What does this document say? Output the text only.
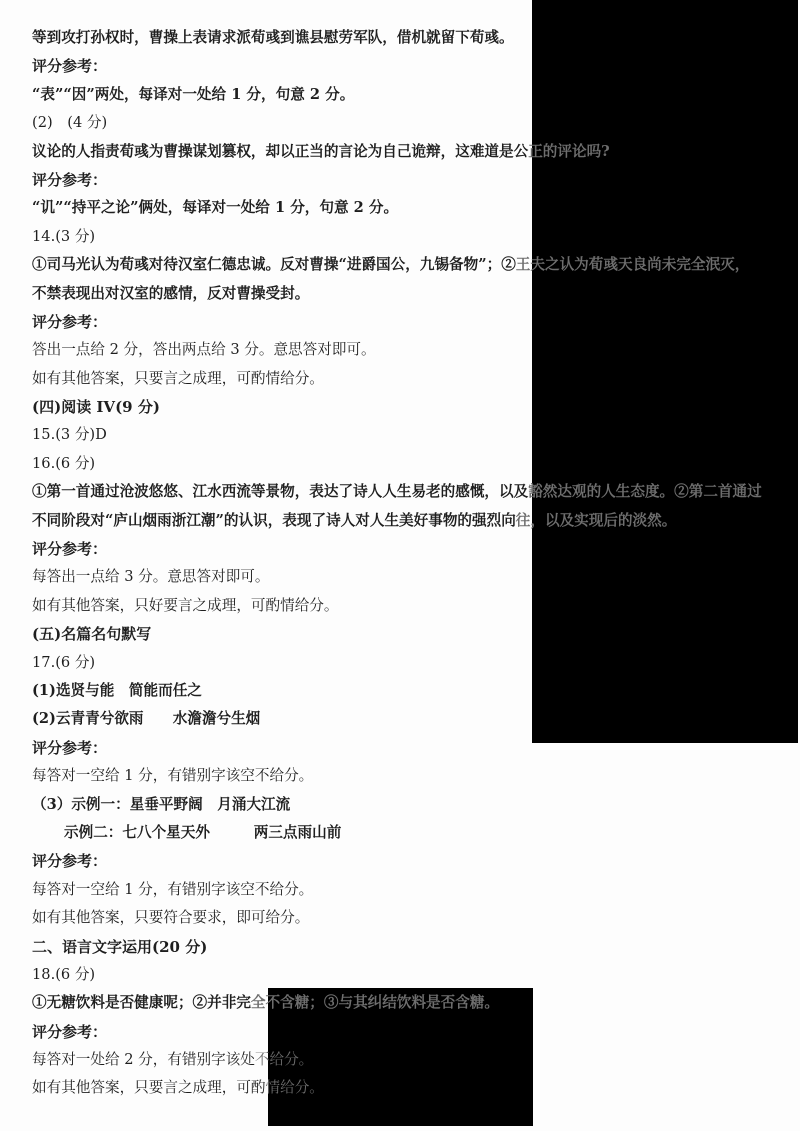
等到攻打孙权时，曹操上表请求派荀彧到谯县慰劳军队，借机就留下荀彧。
评分参考：
“表”“因”两处，每译对一处给 1 分，句意 2 分。
(2)　(4 分)
议论的人指责荀彧为曹操谋划篡权，却以正当的言论为自己诡辩，这难道是公正的评论吗?
评分参考：
“讥”“持平之论”俩处，每译对一处给 1 分，句意 2 分。
14.(3 分)
①司马光认为荀彧对待汉室仁德忠诚。反对曹操“进爵国公，九锡备物”；②王夫之认为荀彧天良尚未完全泯灭，
不禁表现出对汉室的感情，反对曹操受封。
评分参考：
答出一点给 2 分，答出两点给 3 分。意思答对即可。
如有其他答案，只要言之成理，可酌情给分。
(四)阅读 IV(9 分)
15.(3 分)D
16.(6 分)
①第一首通过沧波悠悠、江水西流等景物，表达了诗人人生易老的感慨，以及豁然达观的人生态度。②第二首通过
不同阶段对“庐山烟雨浙江潮”的认识，表现了诗人对人生美好事物的强烈向往，以及实现后的淡然。
评分参考：
每答出一点给 3 分。意思答对即可。
如有其他答案，只好要言之成理，可酌情给分。
(五)名篇名句默写
17.(6 分)
(1)选贤与能　简能而任之
(2)云青青兮欲雨　　水澹澹兮生烟
评分参考：
每答对一空给 1 分，有错别字该空不给分。
（3）示例一：星垂平野阔　月涌大江流
示例二：七八个星天外　　　两三点雨山前
评分参考：
每答对一空给 1 分，有错别字该空不给分。
如有其他答案，只要符合要求，即可给分。
二、语言文字运用(20 分)
18.(6 分)
①无糖饮料是否健康呢；②并非完全不含糖；③与其纠结饮料是否含糖。
评分参考：
每答对一处给 2 分，有错别字该处不给分。
如有其他答案，只要言之成理，可酌情给分。
